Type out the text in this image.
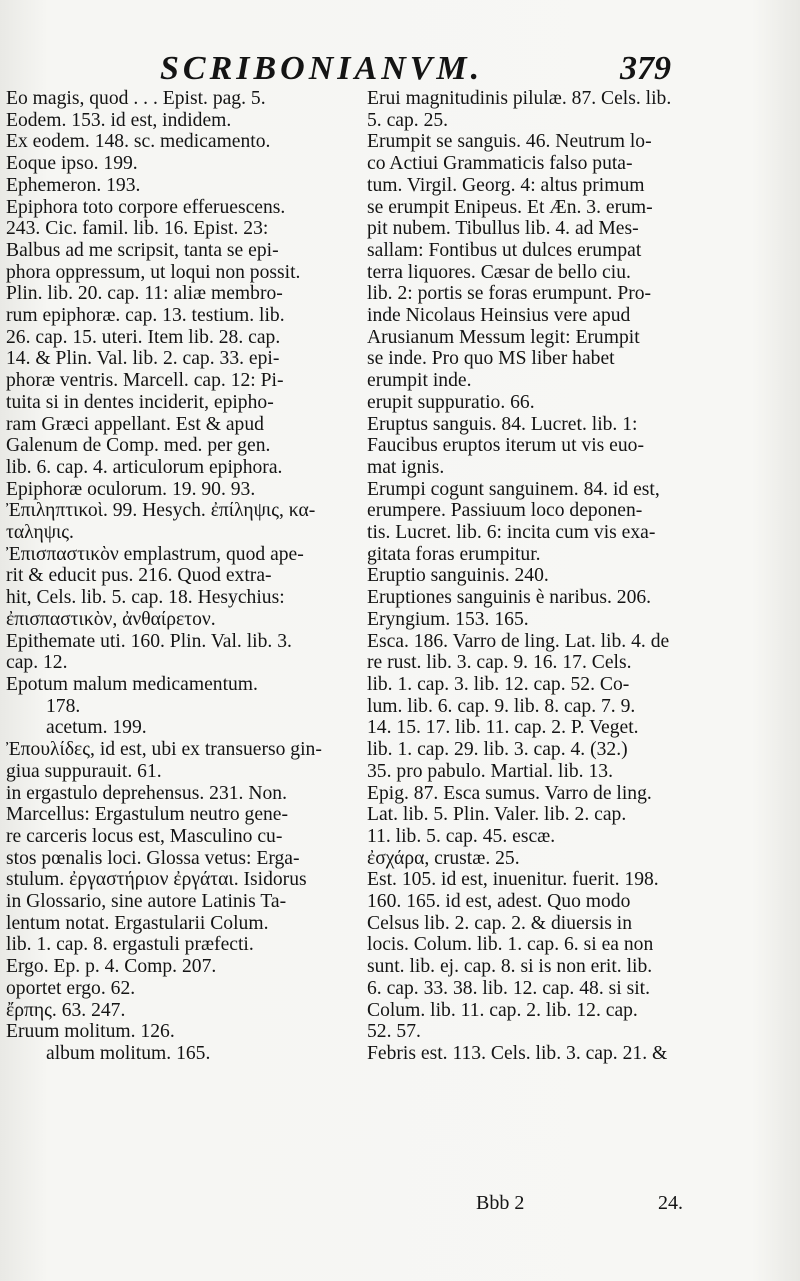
SCRIBONIANVM.	379
Eo magis, quod . . . Epist. pag. 5.
Eodem. 153. id est, indidem.
Ex eodem. 148. sc. medicamento.
Eoque ipso. 199.
Ephemeron. 193.
Epiphora toto corpore efferuescens.
243. Cic. famil. lib. 16. Epist. 23:
Balbus ad me scripsit, tanta se epi-
phora oppressum, ut loqui non possit.
Plin. lib. 20. cap. 11: aliæ membro-
rum epiphoræ. cap. 13. testium. lib.
26. cap. 15. uteri. Item lib. 28. cap.
14. & Plin. Val. lib. 2. cap. 33. epi-
phoræ ventris. Marcell. cap. 12: Pi-
tuita si in dentes inciderit, epipho-
ram Græci appellant. Est & apud
Galenum de Comp. med. per gen.
lib. 6. cap. 4. articulorum epiphora.
Epiphoræ oculorum. 19. 90. 93.
Ἐπιληπτικοὶ. 99. Hesych. ἐπίληψις, κα-
ταληψις.
Ἐπισπαστικὸν emplastrum, quod ape-
rit & educit pus. 216. Quod extra-
hit, Cels. lib. 5. cap. 18. Hesychius:
ἐπισπαστικὸν, ἀνθαίρετον.
Epithemate uti. 160. Plin. Val. lib. 3.
cap. 12.
Epotum malum medicamentum.
178.
acetum. 199.
Ἐπουλίδες, id est, ubi ex transuerso gin-
giua suppurauit. 61.
in ergastulo deprehensus. 231. Non.
Marcellus: Ergastulum neutro gene-
re carceris locus est, Masculino cu-
stos pœnalis loci. Glossa vetus: Erga-
stulum. ἐργαστήριον ἐργάται. Isidorus
in Glossario, sine autore Latinis Ta-
lentum notat. Ergastularii Colum.
lib. 1. cap. 8. ergastuli præfecti.
Ergo. Ep. p. 4. Comp. 207.
oportet ergo. 62.
ἔρπης. 63. 247.
Eruum molitum. 126.
album molitum. 165.
Erui magnitudinis pilulæ. 87. Cels. lib.
5. cap. 25.
Erumpit se sanguis. 46. Neutrum lo-
co Actiui Grammaticis falso puta-
tum. Virgil. Georg. 4: altus primum
se erumpit Enipeus. Et Æn. 3. erum-
pit nubem. Tibullus lib. 4. ad Mes-
sallam: Fontibus ut dulces erumpat
terra liquores. Cæsar de bello ciu.
lib. 2: portis se foras erumpunt. Pro-
inde Nicolaus Heinsius vere apud
Arusianum Messum legit: Erumpit
se inde. Pro quo MS liber habet
erumpit inde.
erupit suppuratio. 66.
Eruptus sanguis. 84. Lucret. lib. 1:
Faucibus eruptos iterum ut vis euo-
mat ignis.
Erumpi cogunt sanguinem. 84. id est,
erumpere. Passiuum loco deponen-
tis. Lucret. lib. 6: incita cum vis exa-
gitata foras erumpitur.
Eruptio sanguinis. 240.
Eruptiones sanguinis è naribus. 206.
Eryngium. 153. 165.
Esca. 186. Varro de ling. Lat. lib. 4. de
re rust. lib. 3. cap. 9. 16. 17. Cels.
lib. 1. cap. 3. lib. 12. cap. 52. Co-
lum. lib. 6. cap. 9. lib. 8. cap. 7. 9.
14. 15. 17. lib. 11. cap. 2. P. Veget.
lib. 1. cap. 29. lib. 3. cap. 4. (32.)
35. pro pabulo. Martial. lib. 13.
Epig. 87. Esca sumus. Varro de ling.
Lat. lib. 5. Plin. Valer. lib. 2. cap.
11. lib. 5. cap. 45. escæ.
ἐσχάρα, crustæ. 25.
Est. 105. id est, inuenitur. fuerit. 198.
160. 165. id est, adest. Quo modo
Celsus lib. 2. cap. 2. & diuersis in
locis. Colum. lib. 1. cap. 6. si ea non
sunt. lib. ej. cap. 8. si is non erit. lib.
6. cap. 33. 38. lib. 12. cap. 48. si sit.
Colum. lib. 11. cap. 2. lib. 12. cap.
52. 57.
Febris est. 113. Cels. lib. 3. cap. 21. &
Bbb 2	24.
